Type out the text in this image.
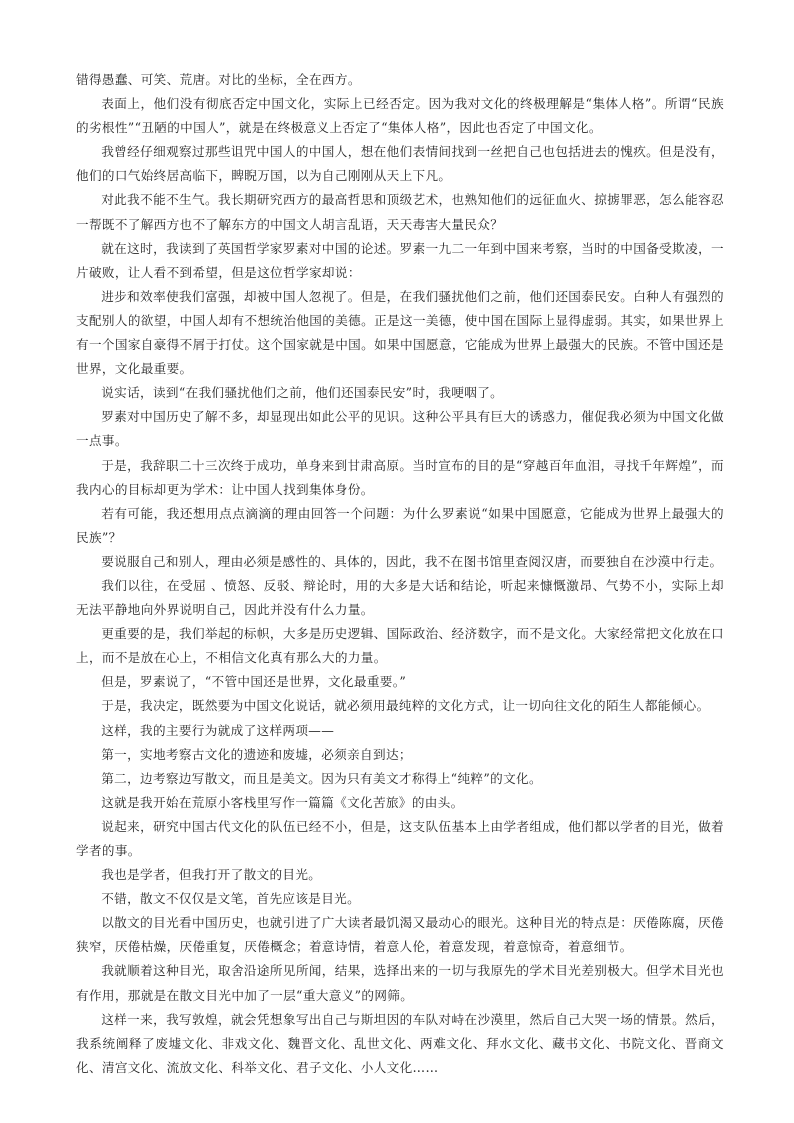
错得愚蠢、可笑、荒唐。对比的坐标，全在西方。

表面上，他们没有彻底否定中国文化，实际上已经否定。因为我对文化的终极理解是“集体人格”。所谓“民族的劣根性”“丑陋的中国人”，就是在终极意义上否定了“集体人格”，因此也否定了中国文化。

我曾经仔细观察过那些诅咒中国人的中国人，想在他们表情间找到一丝把自己也包括进去的愧疚。但是没有，他们的口气始终居高临下，睥睨万国，以为自己刚刚从天上下凡。

对此我不能不生气。我长期研究西方的最高哲思和顶级艺术，也熟知他们的远征血火、掠掳罪恶，怎么能容忍一帮既不了解西方也不了解东方的中国文人胡言乱语，天天毒害大量民众？

就在这时，我读到了英国哲学家罗素对中国的论述。罗素一九二一年到中国来考察，当时的中国备受欺凌，一片破败，让人看不到希望，但是这位哲学家却说：

进步和效率使我们富强，却被中国人忽视了。但是，在我们骚扰他们之前，他们还国泰民安。白种人有强烈的支配别人的欲望，中国人却有不想统治他国的美德。正是这一美德，使中国在国际上显得虚弱。其实，如果世界上有一个国家自豪得不屑于打仗。这个国家就是中国。如果中国愿意，它能成为世界上最强大的民族。不管中国还是世界，文化最重要。

说实话，读到“在我们骚扰他们之前，他们还国泰民安”时，我哽咽了。

罗素对中国历史了解不多，却显现出如此公平的见识。这种公平具有巨大的诱惑力，催促我必须为中国文化做一点事。

于是，我辞职二十三次终于成功，单身来到甘肃高原。当时宣布的目的是“穿越百年血泪，寻找千年辉煌”，而我内心的目标却更为学术：让中国人找到集体身份。

若有可能，我还想用点点滴滴的理由回答一个问题：为什么罗素说“如果中国愿意，它能成为世界上最强大的民族”？

要说服自己和别人，理由必须是感性的、具体的，因此，我不在图书馆里查阅汉唐，而要独自在沙漠中行走。

我们以往，在受屈 、愤怒、反驳、辩论时，用的大多是大话和结论，听起来慷慨激昂、气势不小，实际上却无法平静地向外界说明自己，因此并没有什么力量。

更重要的是，我们举起的标帜，大多是历史逻辑、国际政治、经济数字，而不是文化。大家经常把文化放在口上，而不是放在心上，不相信文化真有那么大的力量。

但是，罗素说了，“不管中国还是世界，文化最重要。”

于是，我决定，既然要为中国文化说话，就必须用最纯粹的文化方式，让一切向往文化的陌生人都能倾心。

这样，我的主要行为就成了这样两项——

第一，实地考察古文化的遗迹和废墟，必须亲自到达；

第二，边考察边写散文，而且是美文。因为只有美文才称得上“纯粹”的文化。

这就是我开始在荒原小客栈里写作一篇篇《文化苦旅》的由头。

说起来，研究中国古代文化的队伍已经不小，但是，这支队伍基本上由学者组成，他们都以学者的目光，做着学者的事。

我也是学者，但我打开了散文的目光。

不错，散文不仅仅是文笔，首先应该是目光。

以散文的目光看中国历史，也就引进了广大读者最饥渴又最动心的眼光。这种目光的特点是：厌倦陈腐，厌倦狭窄，厌倦枯燥，厌倦重复，厌倦概念；着意诗情，着意人伦，着意发现，着意惊奇，着意细节。

我就顺着这种目光，取舍沿途所见所闻，结果，选择出来的一切与我原先的学术目光差别极大。但学术目光也有作用，那就是在散文目光中加了一层“重大意义”的网筛。

这样一来，我写敦煌，就会凭想象写出自己与斯坦因的车队对峙在沙漠里，然后自己大哭一场的情景。然后，我系统阐释了废墟文化、非戏文化、魏晋文化、乱世文化、两难文化、拜水文化、藏书文化、书院文化、晋商文化、清宫文化、流放文化、科举文化、君子文化、小人文化……
